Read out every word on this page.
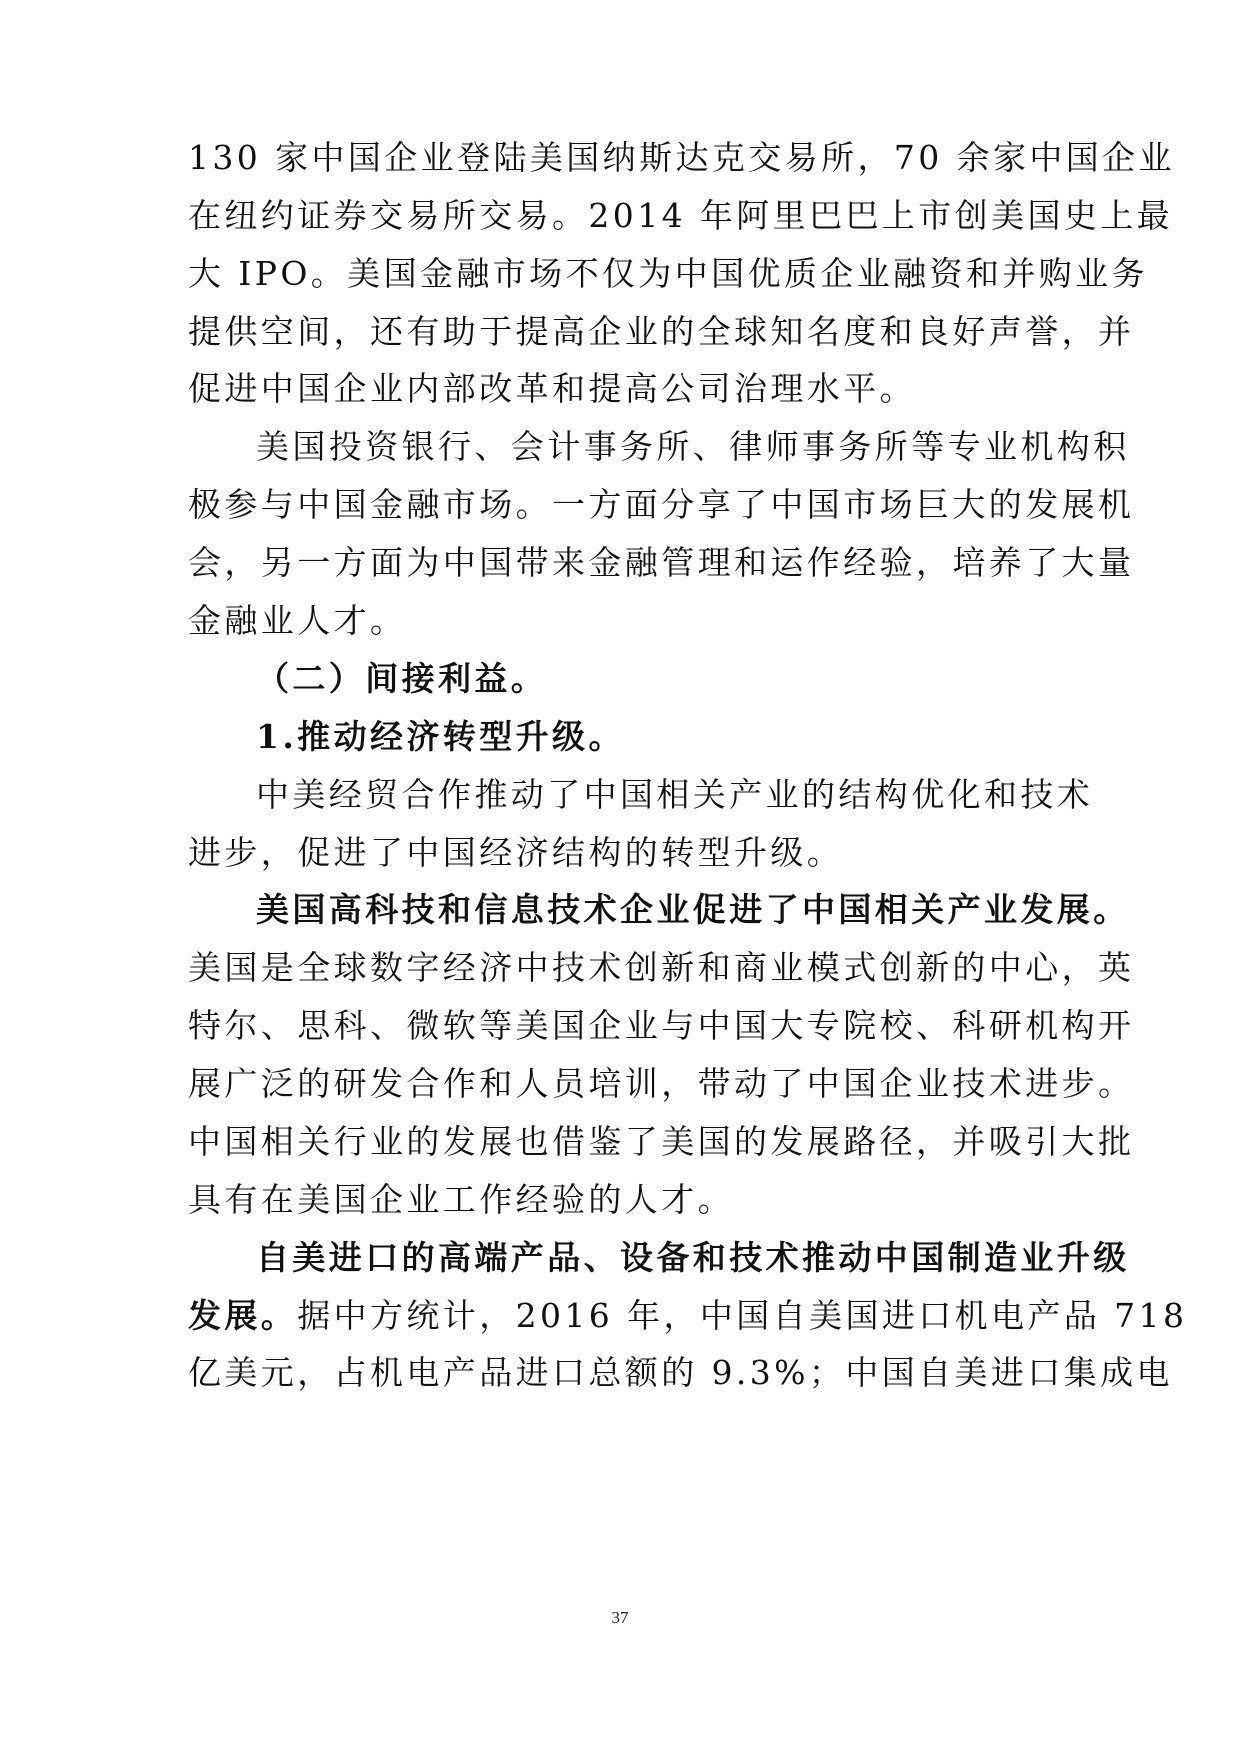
130 家中国企业登陆美国纳斯达克交易所，70 余家中国企业
在纽约证券交易所交易。2014 年阿里巴巴上市创美国史上最
大 IPO。美国金融市场不仅为中国优质企业融资和并购业务
提供空间，还有助于提高企业的全球知名度和良好声誉，并
促进中国企业内部改革和提高公司治理水平。
美国投资银行、会计事务所、律师事务所等专业机构积
极参与中国金融市场。一方面分享了中国市场巨大的发展机
会，另一方面为中国带来金融管理和运作经验，培养了大量
金融业人才。
（二）间接利益。
1.推动经济转型升级。
中美经贸合作推动了中国相关产业的结构优化和技术
进步，促进了中国经济结构的转型升级。
美国高科技和信息技术企业促进了中国相关产业发展。
美国是全球数字经济中技术创新和商业模式创新的中心，英
特尔、思科、微软等美国企业与中国大专院校、科研机构开
展广泛的研发合作和人员培训，带动了中国企业技术进步。
中国相关行业的发展也借鉴了美国的发展路径，并吸引大批
具有在美国企业工作经验的人才。
自美进口的高端产品、设备和技术推动中国制造业升级
发展。据中方统计，2016 年，中国自美国进口机电产品 718
亿美元，占机电产品进口总额的 9.3%；中国自美进口集成电
37
